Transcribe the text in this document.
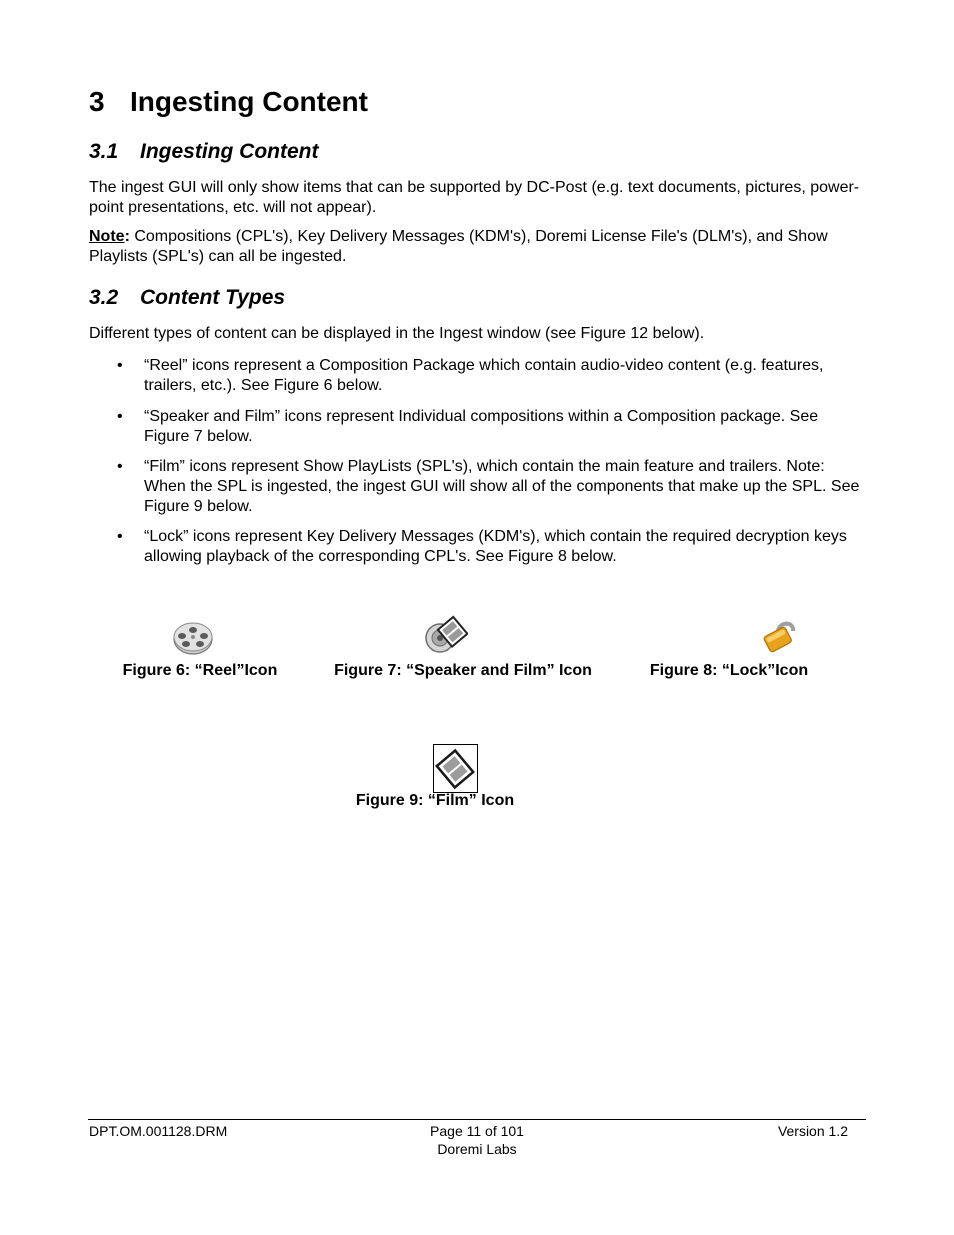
3 Ingesting Content
3.1 Ingesting Content

The ingest GUI will only show items that can be supported by DC-Post (e.g. text documents, pictures, power-point presentations, etc. will not appear).

Note: Compositions (CPL's), Key Delivery Messages (KDM's), Doremi License File's (DLM's), and Show Playlists (SPL's) can all be ingested.

3.2 Content Types

Different types of content can be displayed in the Ingest window (see Figure 12 below).

• “Reel” icons represent a Composition Package which contain audio-video content (e.g. features, trailers, etc.). See Figure 6 below.
• “Speaker and Film” icons represent Individual compositions within a Composition package. See Figure 7 below.
• “Film” icons represent Show PlayLists (SPL's), which contain the main feature and trailers. Note: When the SPL is ingested, the ingest GUI will show all of the components that make up the SPL. See Figure 9 below.
• “Lock” icons represent Key Delivery Messages (KDM's), which contain the required decryption keys allowing playback of the corresponding CPL's. See Figure 8 below.
Figure 6: “Reel”Icon	Figure 7: “Speaker and Film” Icon	Figure 8: “Lock”Icon
Figure 9: “Film” Icon
DPT.OM.001128.DRM	Page 11 of 101
Doremi Labs
Version 1.2
